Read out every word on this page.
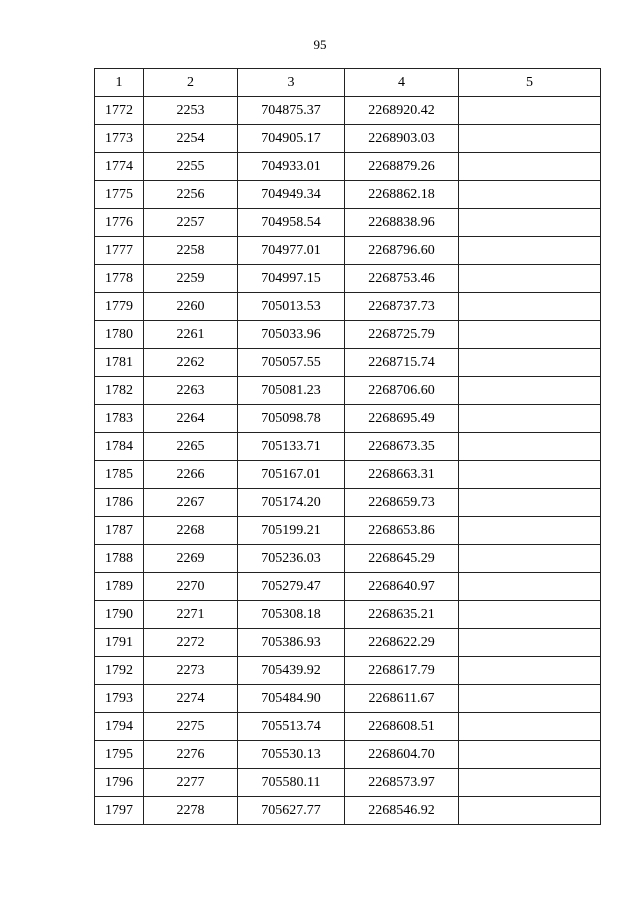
95
1	2	3	4	5
1772	2253	704875.37	2268920.42	
1773	2254	704905.17	2268903.03	
1774	2255	704933.01	2268879.26	
1775	2256	704949.34	2268862.18	
1776	2257	704958.54	2268838.96	
1777	2258	704977.01	2268796.60	
1778	2259	704997.15	2268753.46	
1779	2260	705013.53	2268737.73	
1780	2261	705033.96	2268725.79	
1781	2262	705057.55	2268715.74	
1782	2263	705081.23	2268706.60	
1783	2264	705098.78	2268695.49	
1784	2265	705133.71	2268673.35	
1785	2266	705167.01	2268663.31	
1786	2267	705174.20	2268659.73	
1787	2268	705199.21	2268653.86	
1788	2269	705236.03	2268645.29	
1789	2270	705279.47	2268640.97	
1790	2271	705308.18	2268635.21	
1791	2272	705386.93	2268622.29	
1792	2273	705439.92	2268617.79	
1793	2274	705484.90	2268611.67	
1794	2275	705513.74	2268608.51	
1795	2276	705530.13	2268604.70	
1796	2277	705580.11	2268573.97	
1797	2278	705627.77	2268546.92	
